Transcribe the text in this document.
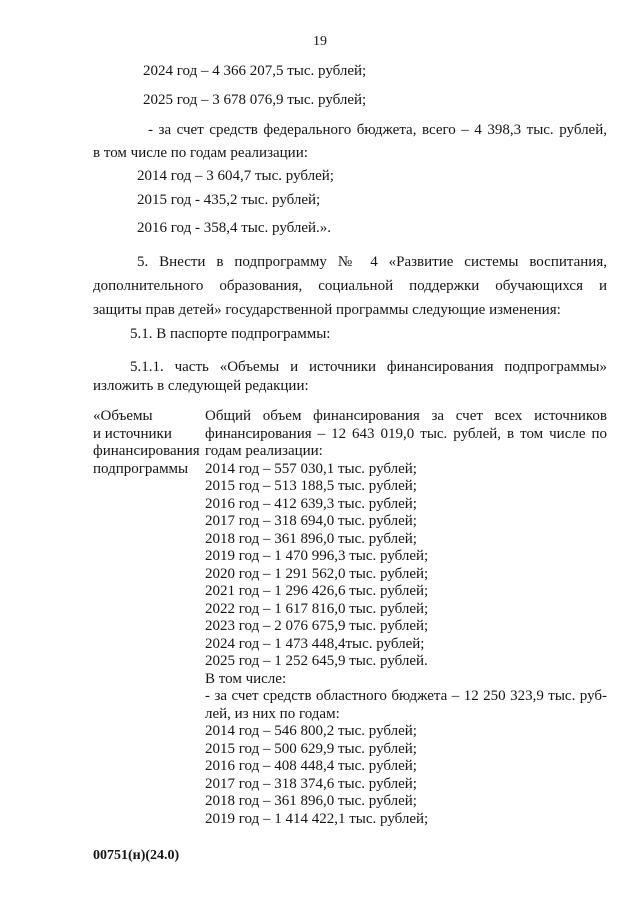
19
2024 год – 4 366 207,5 тыс. рублей;
2025 год – 3 678 076,9 тыс. рублей;
- за счет средств федерального бюджета, всего – 4 398,3 тыс. рублей,
в том числе по годам реализации:
2014 год – 3 604,7 тыс. рублей;
2015 год - 435,2 тыс. рублей;
2016 год - 358,4 тыс. рублей.».
5. Внести в подпрограмму № 4 «Развитие системы воспитания,
дополнительного образования, социальной поддержки обучающихся и
защиты прав детей» государственной программы следующие изменения:
5.1. В паспорте подпрограммы:
5.1.1. часть «Объемы и источники финансирования подпрограммы»
изложить в следующей редакции:
«Объемы
и источники
финансирования
подпрограммы
Общий объем финансирования за счет всех источников
финансирования – 12 643 019,0 тыс. рублей, в том числе по
годам реализации:
2014 год – 557 030,1 тыс. рублей;
2015 год – 513 188,5 тыс. рублей;
2016 год – 412 639,3 тыс. рублей;
2017 год – 318 694,0 тыс. рублей;
2018 год – 361 896,0 тыс. рублей;
2019 год – 1 470 996,3 тыс. рублей;
2020 год – 1 291 562,0 тыс. рублей;
2021 год – 1 296 426,6 тыс. рублей;
2022 год – 1 617 816,0 тыс. рублей;
2023 год – 2 076 675,9 тыс. рублей;
2024 год – 1 473 448,4тыс. рублей;
2025 год – 1 252 645,9 тыс. рублей.
В том числе:
- за счет средств областного бюджета – 12 250 323,9 тыс. руб-
лей, из них по годам:
2014 год – 546 800,2 тыс. рублей;
2015 год – 500 629,9 тыс. рублей;
2016 год – 408 448,4 тыс. рублей;
2017 год – 318 374,6 тыс. рублей;
2018 год – 361 896,0 тыс. рублей;
2019 год – 1 414 422,1 тыс. рублей;
00751(н)(24.0)
